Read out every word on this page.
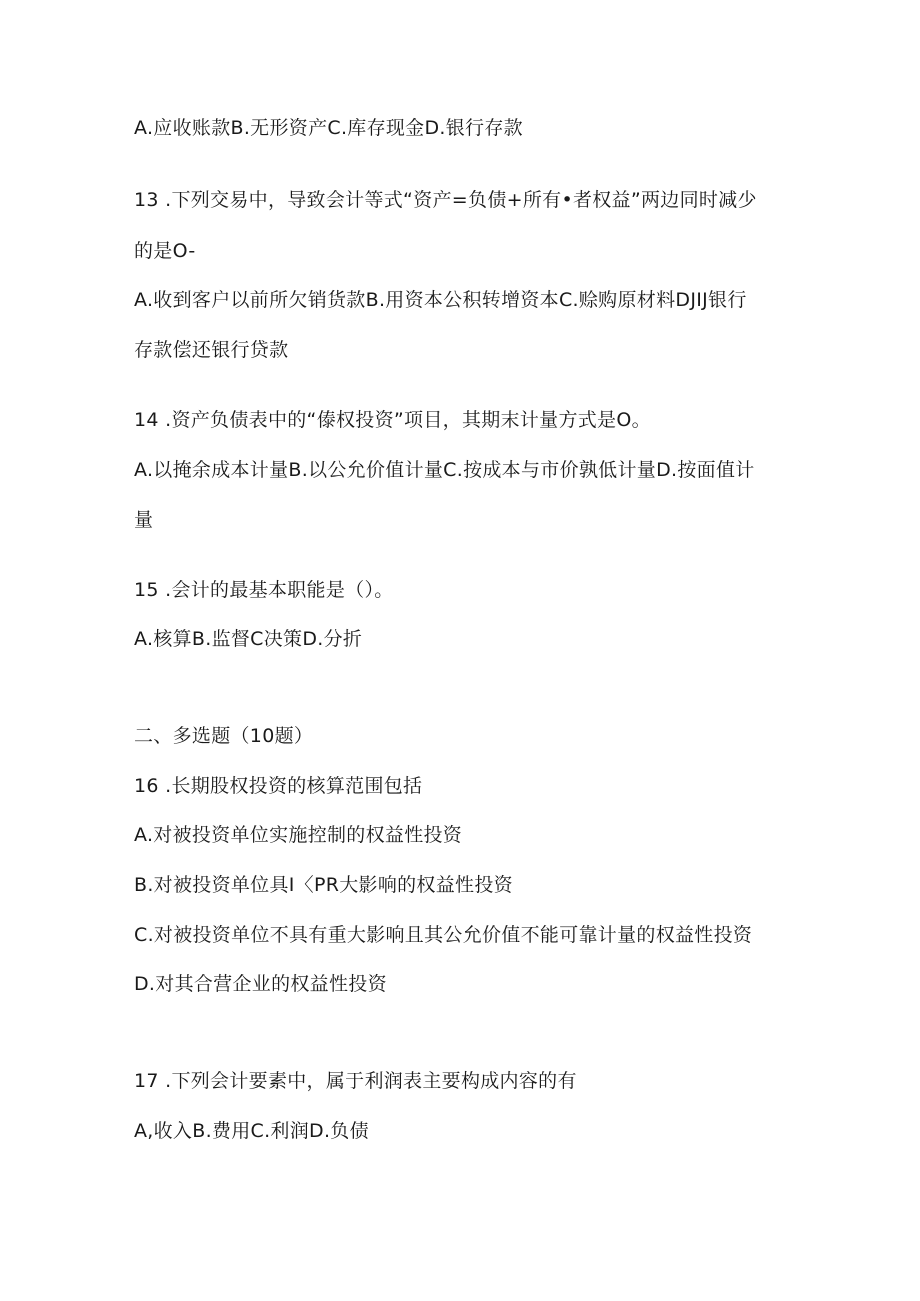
A.应收账款B.无形资产C.库存现金D.银行存款
13 .下列交易中，导致会计等式“资产=负债+所有•者权益”两边同时减少
的是O-
A.收到客户以前所欠销货款B.用资本公积转增资本C.赊购原材料DJIJ银行
存款偿还银行贷款
14 .资产负债表中的“傣权投资”项目，其期末计量方式是O。
A.以掩余成本计量B.以公允价值计量C.按成本与市价孰低计量D.按面值计
量
15 .会计的最基本职能是（）。
A.核算B.监督C决策D.分折
二、多选题（10题）
16 .长期股权投资的核算范围包括
A.对被投资单位实施控制的权益性投资
B.对被投资单位具I〈PR大影响的权益性投资
C.对被投资单位不具有重大影响且其公允价值不能可靠计量的权益性投资
D.对其合营企业的权益性投资
17 .下列会计要素中，属于利润表主要构成内容的有
A,收入B.费用C.利润D.负债
